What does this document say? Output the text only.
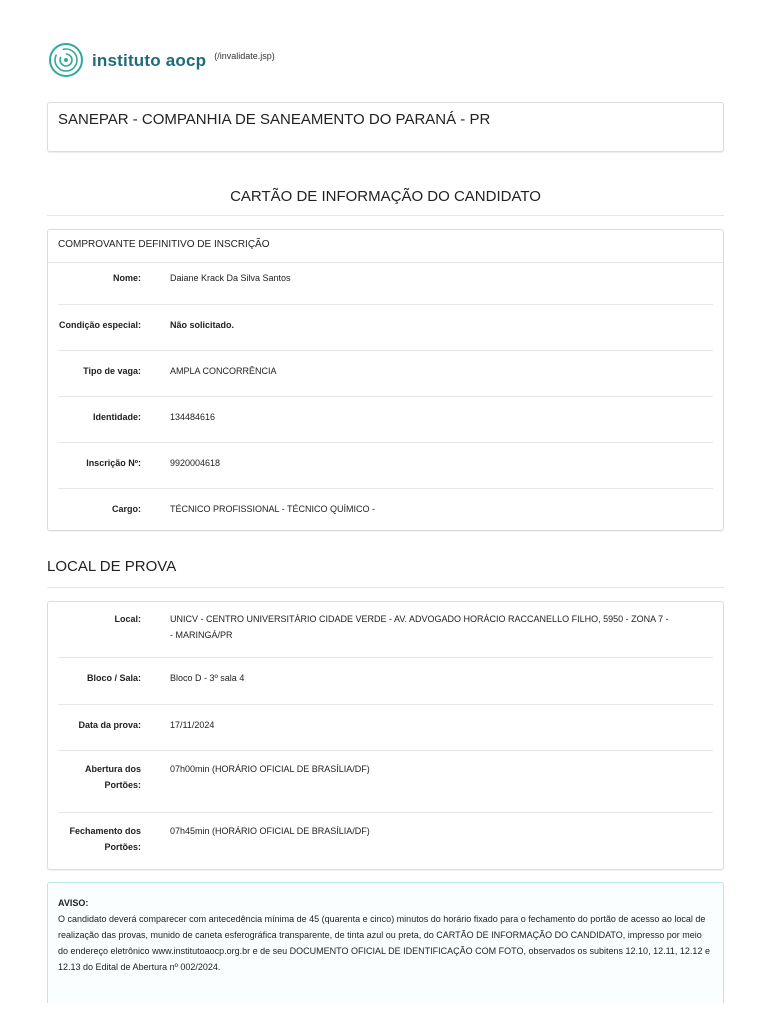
instituto aocp (/invalidate.jsp)
SANEPAR - COMPANHIA DE SANEAMENTO DO PARANÁ - PR
CARTÃO DE INFORMAÇÃO DO CANDIDATO
COMPROVANTE DEFINITIVO DE INSCRIÇÃO
Nome:	Daiane Krack Da Silva Santos
Condição especial:	Não solicitado.
Tipo de vaga:	AMPLA CONCORRÊNCIA
Identidade:	134484616
Inscrição Nº:	9920004618
Cargo:	TÉCNICO PROFISSIONAL - TÉCNICO QUÍMICO -
LOCAL DE PROVA
Local:	UNICV - CENTRO UNIVERSITÁRIO CIDADE VERDE - AV. ADVOGADO HORÁCIO RACCANELLO FILHO, 5950 - ZONA 7 - - MARINGÁ/PR
Bloco / Sala:	Bloco D - 3º sala 4
Data da prova:	17/11/2024
Abertura dos Portões:
07h00min (HORÁRIO OFICIAL DE BRASÍLIA/DF)
Fechamento dos Portões:
07h45min (HORÁRIO OFICIAL DE BRASÍLIA/DF)
AVISO:
O candidato deverá comparecer com antecedência mínima de 45 (quarenta e cinco) minutos do horário fixado para o fechamento do portão de acesso ao local de realização das provas, munido de caneta esferográfica transparente, de tinta azul ou preta, do CARTÃO DE INFORMAÇÃO DO CANDIDATO, impresso por meio do endereço eletrônico www.institutoaocp.org.br e de seu DOCUMENTO OFICIAL DE IDENTIFICAÇÃO COM FOTO, observados os subitens 12.10, 12.11, 12.12 e 12.13 do Edital de Abertura nº 002/2024.
